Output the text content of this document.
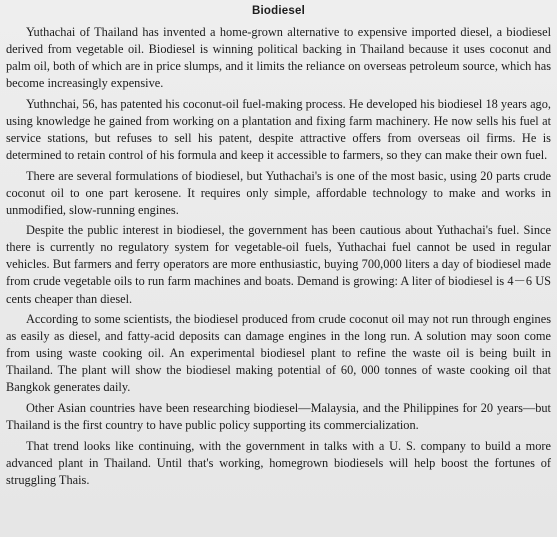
Biodiesel

Yuthachai of Thailand has invented a home-grown alternative to expensive imported diesel, a biodiesel derived from vegetable oil. Biodiesel is winning political backing in Thailand because it uses coconut and palm oil, both of which are in price slumps, and it limits the reliance on overseas petroleum source, which has become increasingly expensive.

Yuthnchai, 56, has patented his coconut-oil fuel-making process. He developed his biodiesel 18 years ago, using knowledge he gained from working on a plantation and fixing farm machinery. He now sells his fuel at service stations, but refuses to sell his patent, despite attractive offers from overseas oil firms. He is determined to retain control of his formula and keep it accessible to farmers, so they can make their own fuel.

There are several formulations of biodiesel, but Yuthachai's is one of the most basic, using 20 parts crude coconut oil to one part kerosene. It requires only simple, affordable technology to make and works in unmodified, slow-running engines.

Despite the public interest in biodiesel, the government has been cautious about Yuthachai's fuel. Since there is currently no regulatory system for vegetable-oil fuels, Yuthachai fuel cannot be used in regular vehicles. But farmers and ferry operators are more enthusiastic, buying 700,000 liters a day of biodiesel made from crude vegetable oils to run farm machines and boats. Demand is growing: A liter of biodiesel is 4－6 US cents cheaper than diesel.

According to some scientists, the biodiesel produced from crude coconut oil may not run through engines as easily as diesel, and fatty-acid deposits can damage engines in the long run. A solution may soon come from using waste cooking oil. An experimental biodiesel plant to refine the waste oil is being built in Thailand. The plant will show the biodiesel making potential of 60, 000 tonnes of waste cooking oil that Bangkok generates daily.

Other Asian countries have been researching biodiesel—Malaysia, and the Philippines for 20 years—but Thailand is the first country to have public policy supporting its commercialization.

That trend looks like continuing, with the government in talks with a U. S. company to build a more advanced plant in Thailand. Until that's working, homegrown biodiesels will help boost the fortunes of struggling Thais.
